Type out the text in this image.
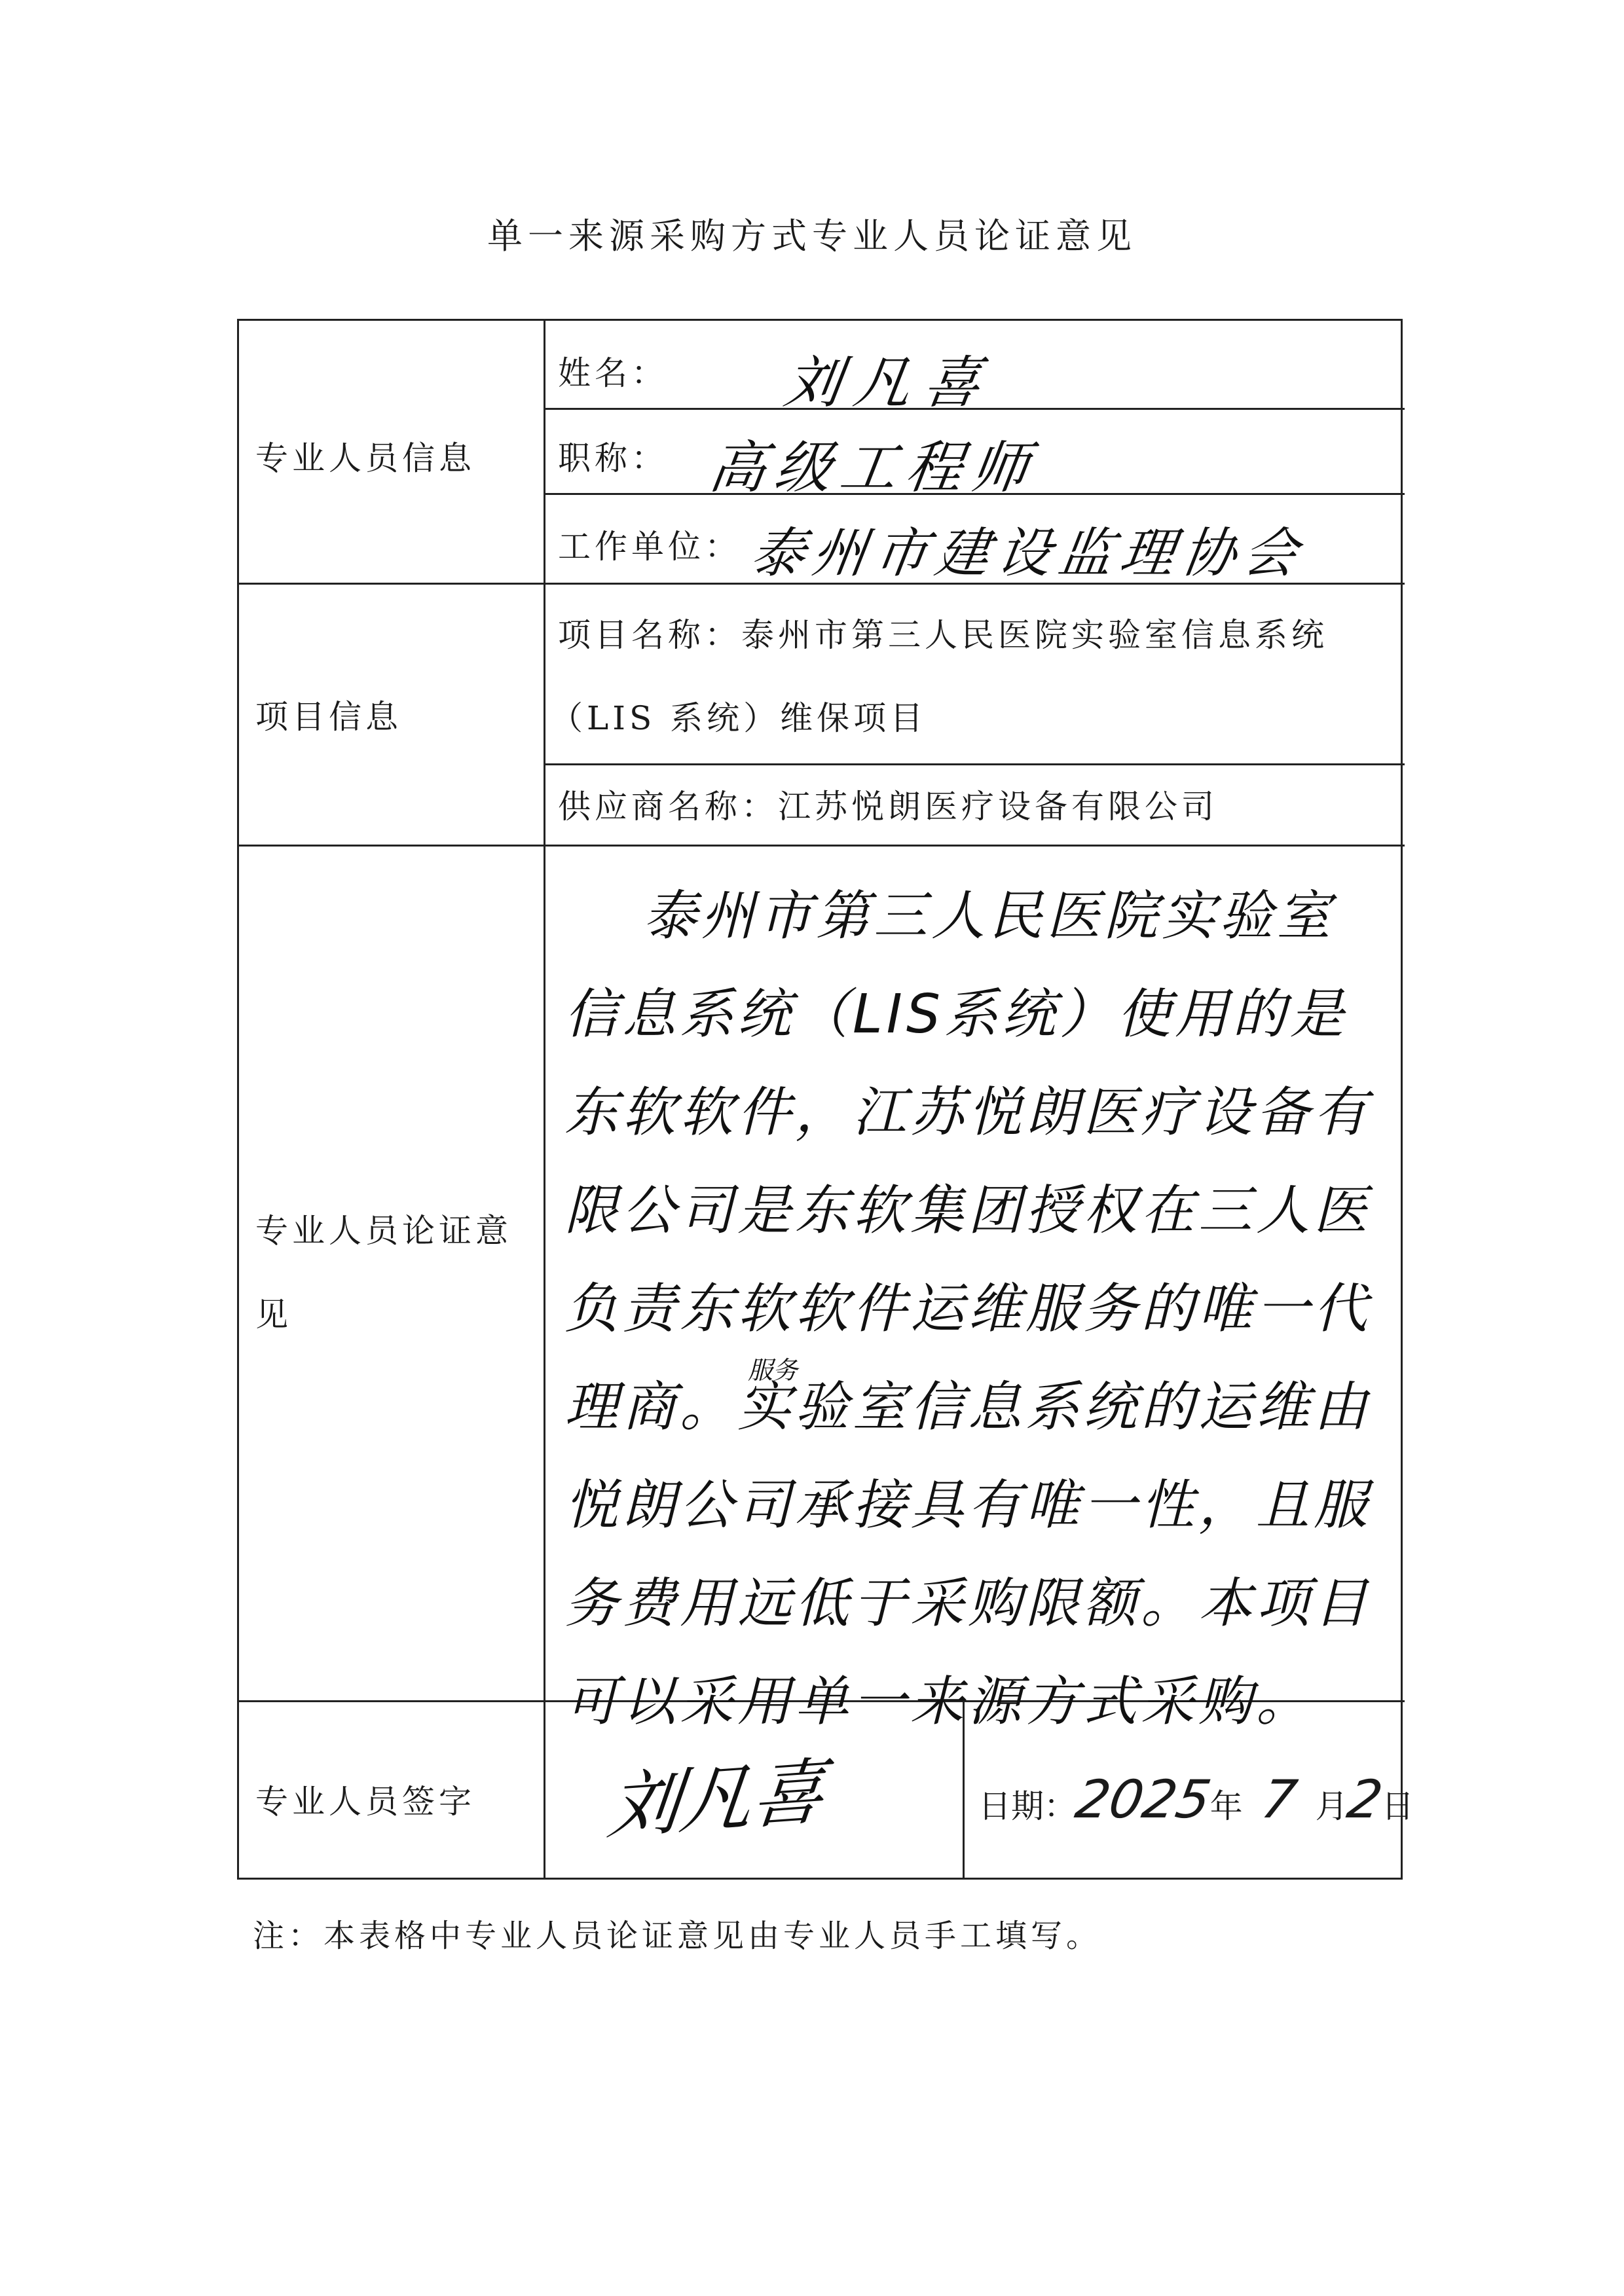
单一来源采购方式专业人员论证意见
专业人员信息
姓名： 刘凡喜
职称： 高级工程师
工作单位： 泰州市建设监理协会
项目信息
项目名称：泰州市第三人民医院实验室信息系统
（LIS 系统）维保项目
供应商名称：江苏悦朗医疗设备有限公司
专业人员论证意
见
泰州市第三人民医院实验室信息系统（LIS系统）使用的是东软软件，江苏悦朗医疗设备有限公司是东软集团授权在三人医负责东软软件运维服务的唯一代理商。实验室信息系统的运维由悦朗公司承接具有唯一性，且服务费用远低于采购限额。本项目可以采用单一来源方式采购。
服务
专业人员签字 刘凡喜	日期：2025年 7 月2日
注：本表格中专业人员论证意见由专业人员手工填写。
